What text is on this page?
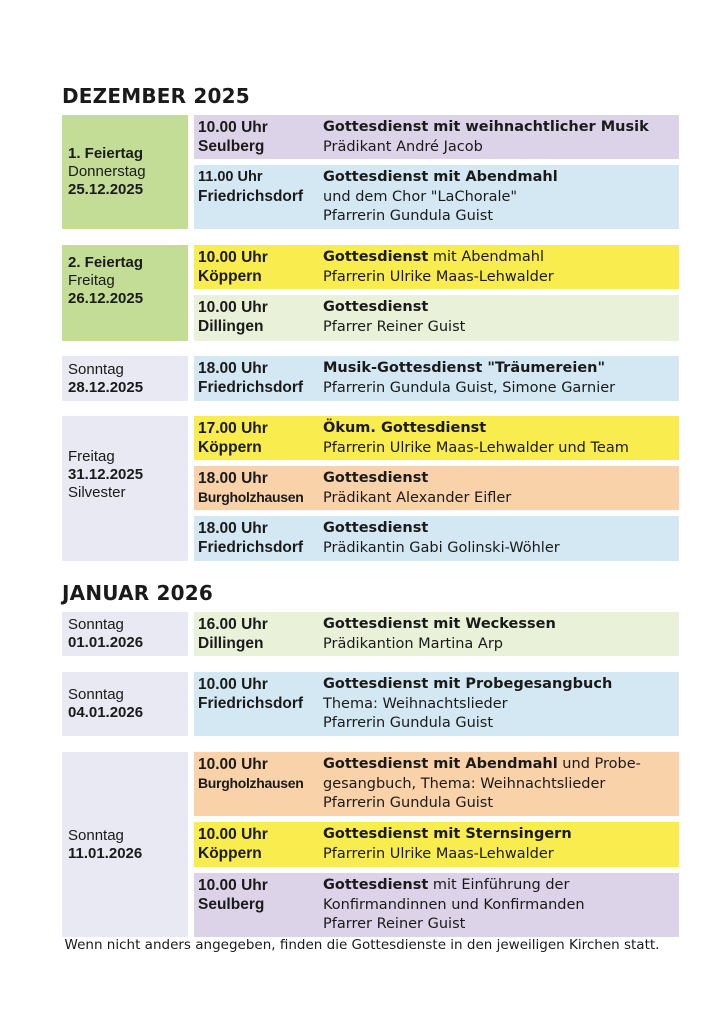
DEZEMBER 2025
1. Feiertag
Donnerstag
25.12.2025
10.00 Uhr
Seulberg
Gottesdienst mit weihnachtlicher Musik
Prädikant André Jacob
11.00 Uhr
Friedrichsdorf
Gottesdienst mit Abendmahl
und dem Chor "LaChorale"
Pfarrerin Gundula Guist
2. Feiertag
Freitag
26.12.2025
10.00 Uhr
Köppern
Gottesdienst mit Abendmahl
Pfarrerin Ulrike Maas-Lehwalder
10.00 Uhr
Dillingen
Gottesdienst
Pfarrer Reiner Guist
Sonntag
28.12.2025
18.00 Uhr
Friedrichsdorf
Musik-Gottesdienst "Träumereien"
Pfarrerin Gundula Guist, Simone Garnier
Freitag
31.12.2025
Silvester
17.00 Uhr
Köppern
Ökum. Gottesdienst
Pfarrerin Ulrike Maas-Lehwalder und Team
18.00 Uhr
Burgholzhausen
Gottesdienst
Prädikant Alexander Eifler
18.00 Uhr
Friedrichsdorf
Gottesdienst
Prädikantin Gabi Golinski-Wöhler
JANUAR 2026
Sonntag
01.01.2026
16.00 Uhr
Dillingen
Gottesdienst mit Weckessen
Prädikantion Martina Arp
Sonntag
04.01.2026
10.00 Uhr
Friedrichsdorf
Gottesdienst mit Probegesangbuch
Thema: Weihnachtslieder
Pfarrerin Gundula Guist
Sonntag
11.01.2026
10.00 Uhr
Burgholzhausen
Gottesdienst mit Abendmahl und Probe-
gesangbuch, Thema: Weihnachtslieder
Pfarrerin Gundula Guist
10.00 Uhr
Köppern
Gottesdienst mit Sternsingern
Pfarrerin Ulrike Maas-Lehwalder
10.00 Uhr
Seulberg
Gottesdienst mit Einführung der
Konfirmandinnen und Konfirmanden
Pfarrer Reiner Guist
Wenn nicht anders angegeben, finden die Gottesdienste in den jeweiligen Kirchen statt.
